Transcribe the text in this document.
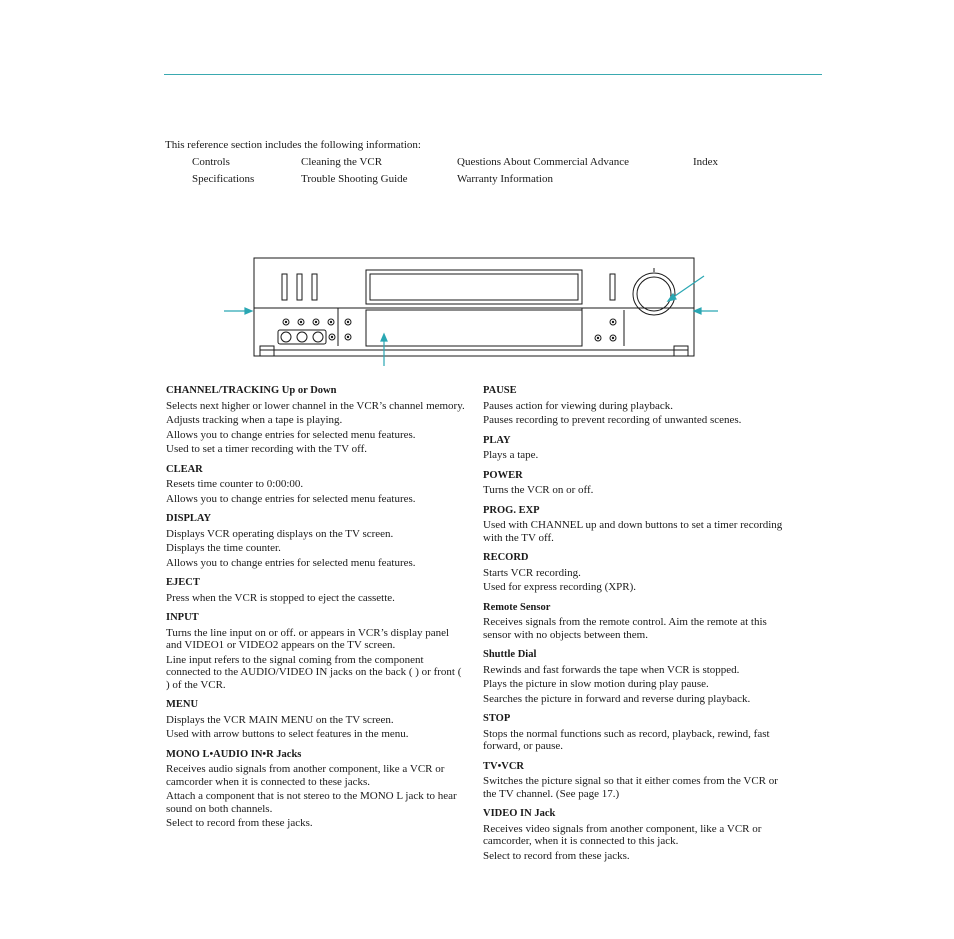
This reference section includes the following information:
Controls	Cleaning the VCR	Questions About Commercial Advance	Index
Specifications	Trouble Shooting Guide	Warranty Information
CHANNEL/TRACKING Up or Down
Selects next higher or lower channel in the VCR’s channel memory.
Adjusts tracking when a tape is playing.
Allows you to change entries for selected menu features.
Used to set a timer recording with the TV off.
CLEAR
Resets time counter to 0:00:00.
Allows you to change entries for selected menu features.
DISPLAY
Displays VCR operating displays on the TV screen.
Displays the time counter.
Allows you to change entries for selected menu features.
EJECT
Press when the VCR is stopped to eject the cassette.
INPUT
Turns the line input on or off. or appears in VCR’s display panel and VIDEO1 or VIDEO2 appears on the TV screen.
Line input refers to the signal coming from the component connected to the AUDIO/VIDEO IN jacks on the back ( ) or front ( ) of the VCR.
MENU
Displays the VCR MAIN MENU on the TV screen.
Used with arrow buttons to select features in the menu.
MONO L•AUDIO IN•R Jacks
Receives audio signals from another component, like a VCR or camcorder when it is connected to these jacks.
Attach a component that is not stereo to the MONO L jack to hear sound on both channels.
Select to record from these jacks.
PAUSE
Pauses action for viewing during playback.
Pauses recording to prevent recording of unwanted scenes.
PLAY
Plays a tape.
POWER
Turns the VCR on or off.
PROG. EXP
Used with CHANNEL up and down buttons to set a timer recording with the TV off.
RECORD
Starts VCR recording.
Used for express recording (XPR).
Remote Sensor
Receives signals from the remote control. Aim the remote at this sensor with no objects between them.
Shuttle Dial
Rewinds and fast forwards the tape when VCR is stopped.
Plays the picture in slow motion during play pause.
Searches the picture in forward and reverse during playback.
STOP
Stops the normal functions such as record, playback, rewind, fast forward, or pause.
TV•VCR
Switches the picture signal so that it either comes from the VCR or the TV channel. (See page 17.)
VIDEO IN Jack
Receives video signals from another component, like a VCR or camcorder, when it is connected to this jack.
Select to record from these jacks.
